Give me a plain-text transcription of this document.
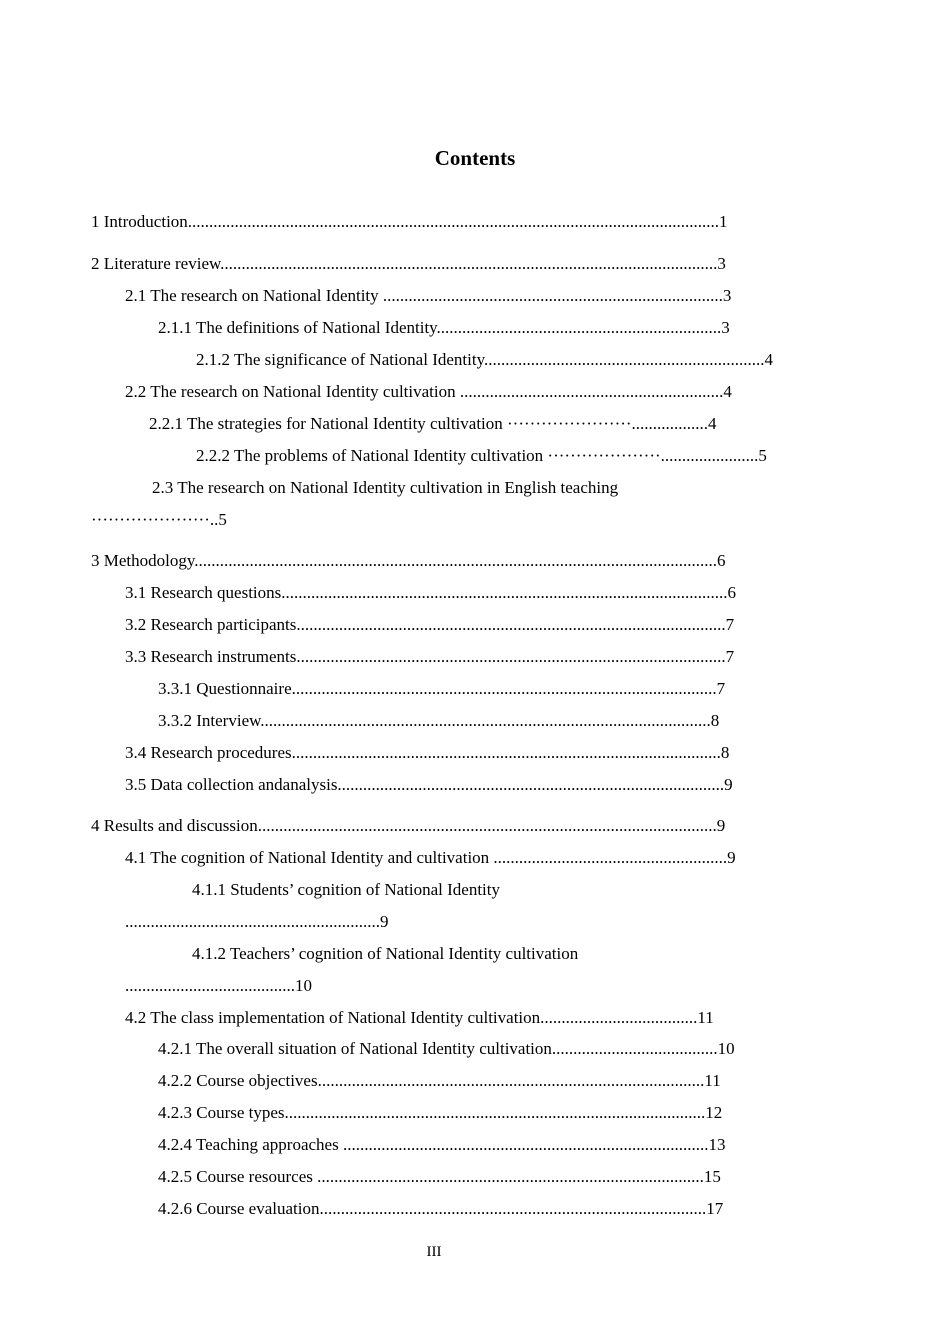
Contents
1 Introduction.............................................................................................................................1
2 Literature review.....................................................................................................................3
2.1 The research on National Identity ................................................................................3
2.1.1 The definitions of National Identity...................................................................3
2.1.2 The significance of National Identity..................................................................4
2.2 The research on National Identity cultivation ..............................................................4
2.2.1 The strategies for National Identity cultivation ······················..................4
2.2.2 The problems of National Identity cultivation ····················.......................5
2.3 The research on National Identity cultivation in English teaching
·····················..5
3 Methodology...........................................................................................................................6
3.1 Research questions.........................................................................................................6
3.2 Research participants.....................................................................................................7
3.3 Research instruments.....................................................................................................7
3.3.1 Questionnaire....................................................................................................7
3.3.2 Interview..........................................................................................................8
3.4 Research procedures.....................................................................................................8
3.5 Data collection andanalysis...........................................................................................9
4 Results and discussion............................................................................................................9
4.1 The cognition of National Identity and cultivation .......................................................9
4.1.1 Students’ cognition of National Identity
............................................................9
4.1.2 Teachers’ cognition of National Identity cultivation
........................................10
4.2 The class implementation of National Identity cultivation.....................................11
4.2.1 The overall situation of National Identity cultivation.......................................10
4.2.2 Course objectives...........................................................................................11
4.2.3 Course types...................................................................................................12
4.2.4 Teaching approaches ......................................................................................13
4.2.5 Course resources ...........................................................................................15
4.2.6 Course evaluation...........................................................................................17
III
